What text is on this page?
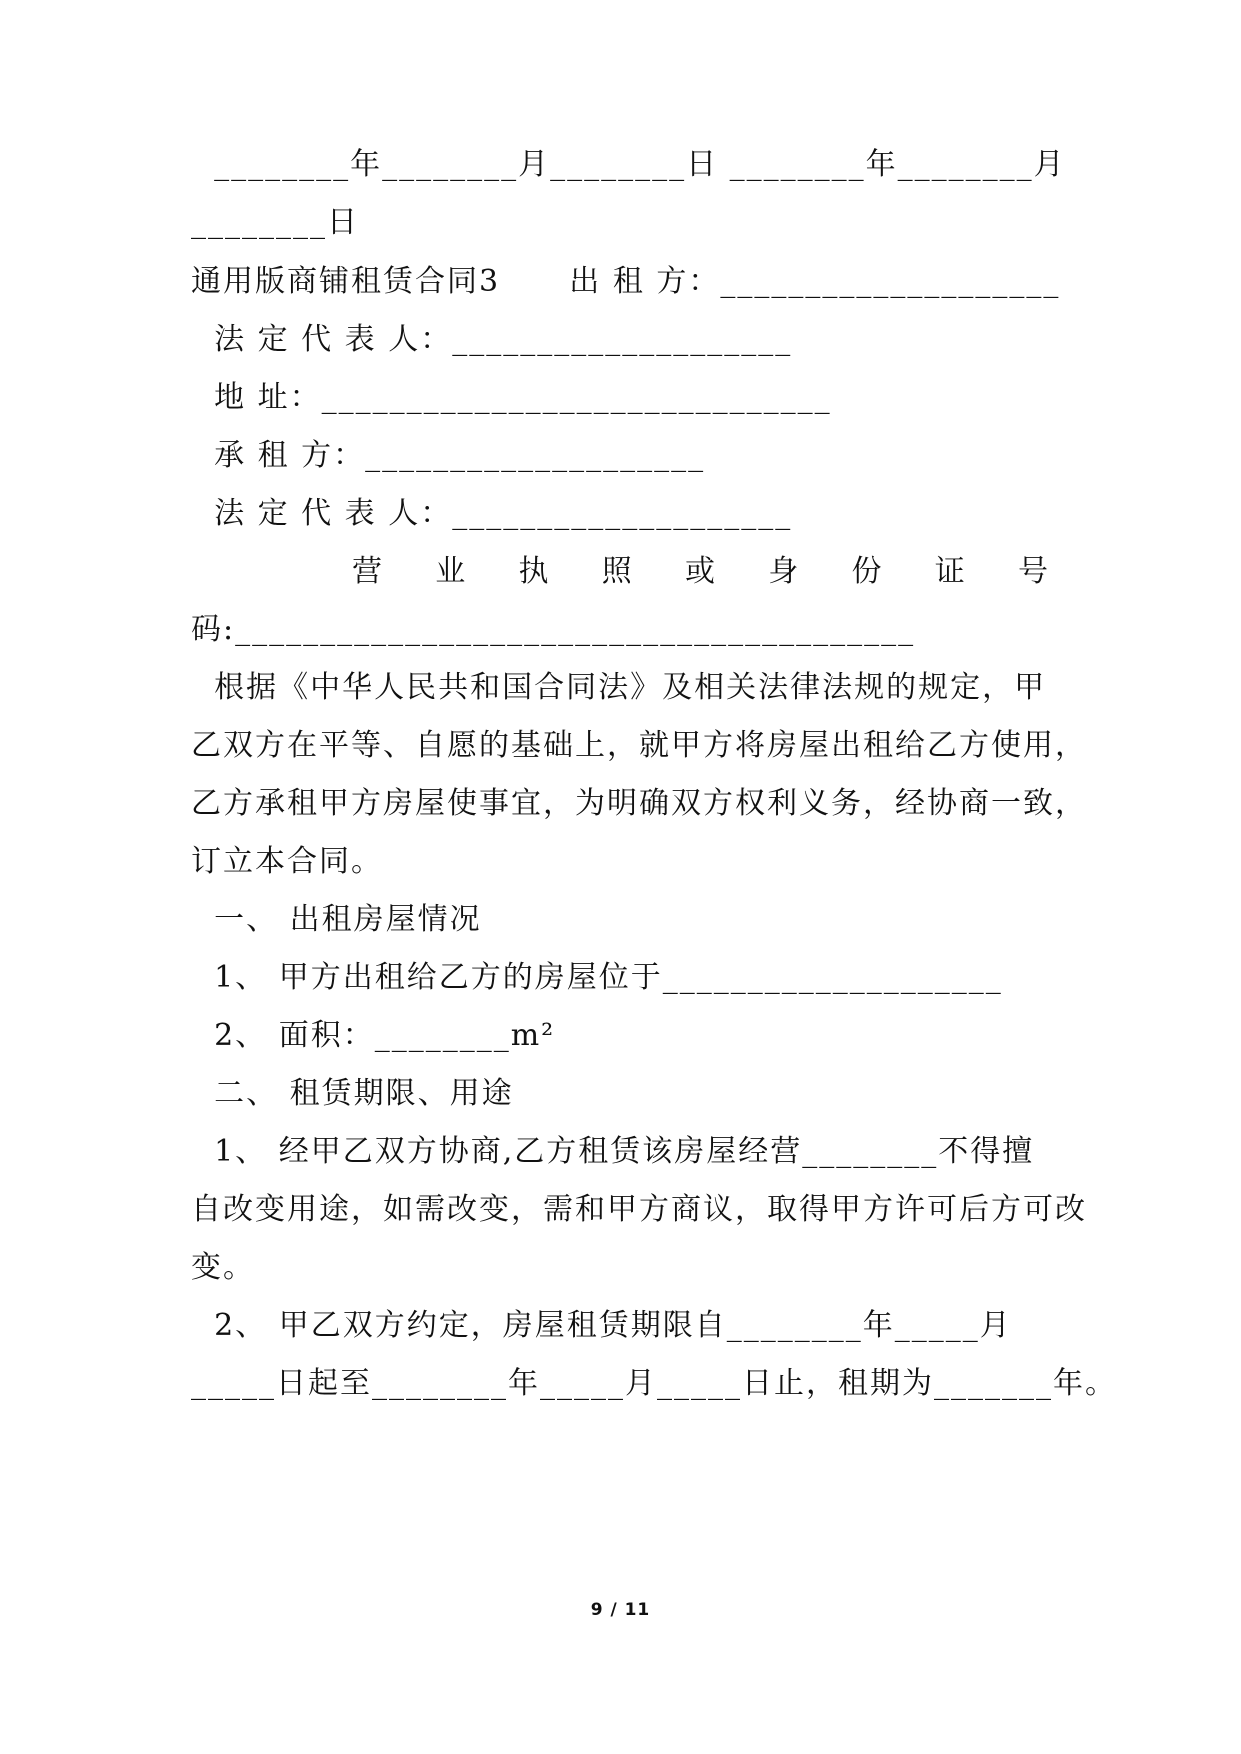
________年________月________日 ________年________月
________日
通用版商铺租赁合同3      出 租 方：____________________
法 定 代 表 人：____________________
地 址：______________________________
承 租 方：____________________
法 定 代 表 人：____________________
营 业 执 照 或 身 份 证 号
码:________________________________________
根据《中华人民共和国合同法》及相关法律法规的规定，甲
乙双方在平等、自愿的基础上，就甲方将房屋出租给乙方使用，
乙方承租甲方房屋使事宜，为明确双方权利义务，经协商一致，
订立本合同。
一、 出租房屋情况
1、 甲方出租给乙方的房屋位于____________________
2、 面积：________m²
二、 租赁期限、用途
1、 经甲乙双方协商,乙方租赁该房屋经营________不得擅
自改变用途，如需改变，需和甲方商议，取得甲方许可后方可改
变。
2、 甲乙双方约定，房屋租赁期限自________年_____月
_____日起至________年_____月_____日止，租期为_______年。
9 / 11
